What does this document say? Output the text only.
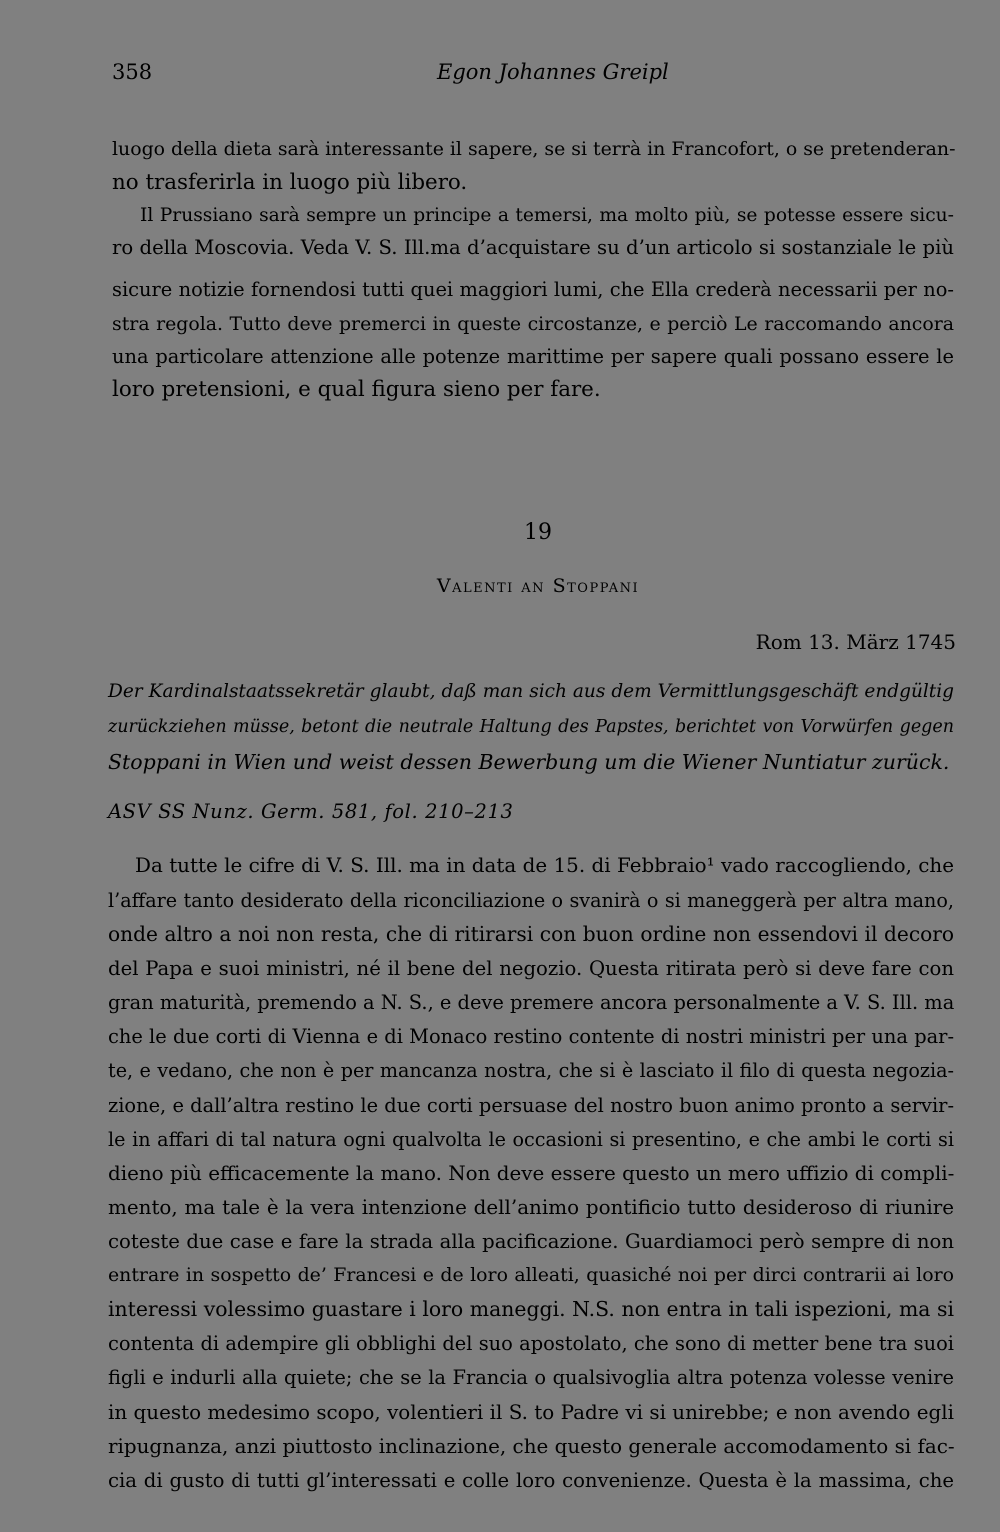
358	Egon Johannes Greipl
luogo della dieta sarà interessante il sapere, se si terrà in Francofort, o se pretenderan-
no trasferirla in luogo più libero.
Il Prussiano sarà sempre un principe a temersi, ma molto più, se potesse essere sicu-
ro della Moscovia. Veda V. S. Ill.ma d’acquistare su d’un articolo si sostanziale le più
sicure notizie fornendosi tutti quei maggiori lumi, che Ella crederà necessarii per no-
stra regola. Tutto deve premerci in queste circostanze, e perciò Le raccomando ancora
una particolare attenzione alle potenze marittime per sapere quali possano essere le
loro pretensioni, e qual figura sieno per fare.
19
Valenti an Stoppani
Rom 13. März 1745
Der Kardinalstaatssekretär glaubt, daß man sich aus dem Vermittlungsgeschäft endgültig
zurückziehen müsse, betont die neutrale Haltung des Papstes, berichtet von Vorwürfen gegen
Stoppani in Wien und weist dessen Bewerbung um die Wiener Nuntiatur zurück.
ASV SS Nunz. Germ. 581, fol. 210–213
Da tutte le cifre di V. S. Ill. ma in data de 15. di Febbraio¹ vado raccogliendo, che
l’affare tanto desiderato della riconciliazione o svanirà o si maneggerà per altra mano,
onde altro a noi non resta, che di ritirarsi con buon ordine non essendovi il decoro
del Papa e suoi ministri, né il bene del negozio. Questa ritirata però si deve fare con
gran maturità, premendo a N. S., e deve premere ancora personalmente a V. S. Ill. ma
che le due corti di Vienna e di Monaco restino contente di nostri ministri per una par-
te, e vedano, che non è per mancanza nostra, che si è lasciato il filo di questa negozia-
zione, e dall’altra restino le due corti persuase del nostro buon animo pronto a servir-
le in affari di tal natura ogni qualvolta le occasioni si presentino, e che ambi le corti si
dieno più efficacemente la mano. Non deve essere questo un mero uffizio di compli-
mento, ma tale è la vera intenzione dell’animo pontificio tutto desideroso di riunire
coteste due case e fare la strada alla pacificazione. Guardiamoci però sempre di non
entrare in sospetto de’ Francesi e de loro alleati, quasiché noi per dirci contrarii ai loro
interessi volessimo guastare i loro maneggi. N.S. non entra in tali ispezioni, ma si
contenta di adempire gli obblighi del suo apostolato, che sono di metter bene tra suoi
figli e indurli alla quiete; che se la Francia o qualsivoglia altra potenza volesse venire
in questo medesimo scopo, volentieri il S. to Padre vi si unirebbe; e non avendo egli
ripugnanza, anzi piuttosto inclinazione, che questo generale accomodamento si fac-
cia di gusto di tutti gl’interessati e colle loro convenienze. Questa è la massima, che
